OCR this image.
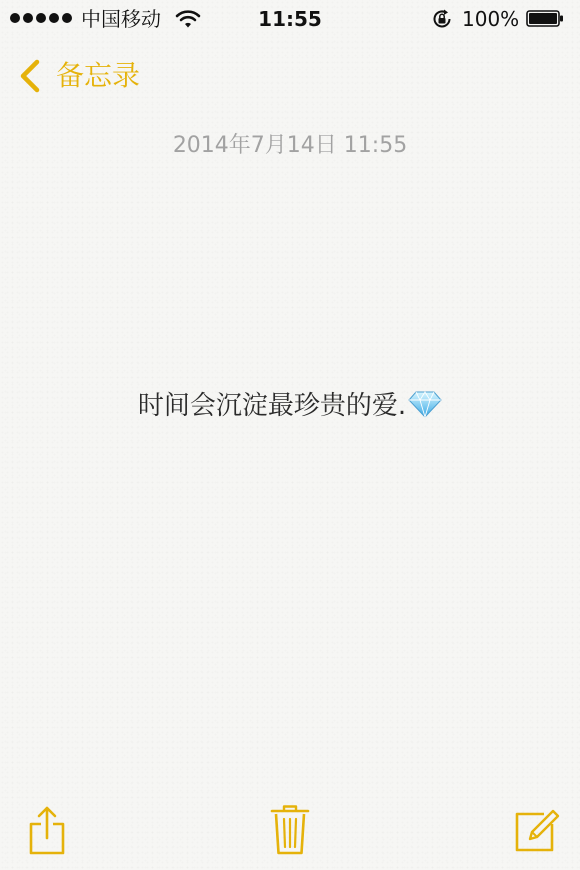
中国移动	11:55	100%
备忘录
2014年7月14日 11:55
时间会沉淀最珍贵的爱.
